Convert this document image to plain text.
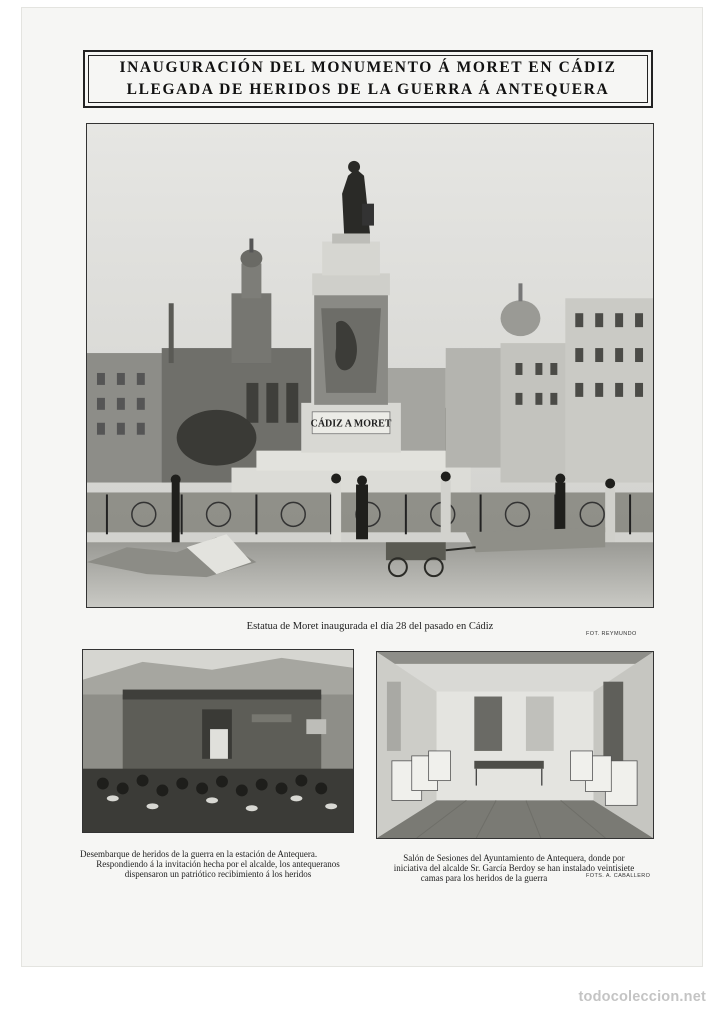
INAUGURACIÓN DEL MONUMENTO Á MORET EN CÁDIZ
LLEGADA DE HERIDOS DE LA GUERRA Á ANTEQUERA
CÁDIZ A MORET
Estatua de Moret inaugurada el día 28 del pasado en Cádiz
FOT. REYMUNDO
Desembarque de heridos de la guerra en la estación de Antequera.
Respondiendo á la invitación hecha por el alcalde, los antequeranos
dispensaron un patriótico recibimiento á los heridos
Salón de Sesiones del Ayuntamiento de Antequera, donde por
iniciativa del alcalde Sr. García Berdoy se han instalado veintisiete
camas para los heridos de la guerra	FOTS. A. CABALLERO
todocoleccion.net
